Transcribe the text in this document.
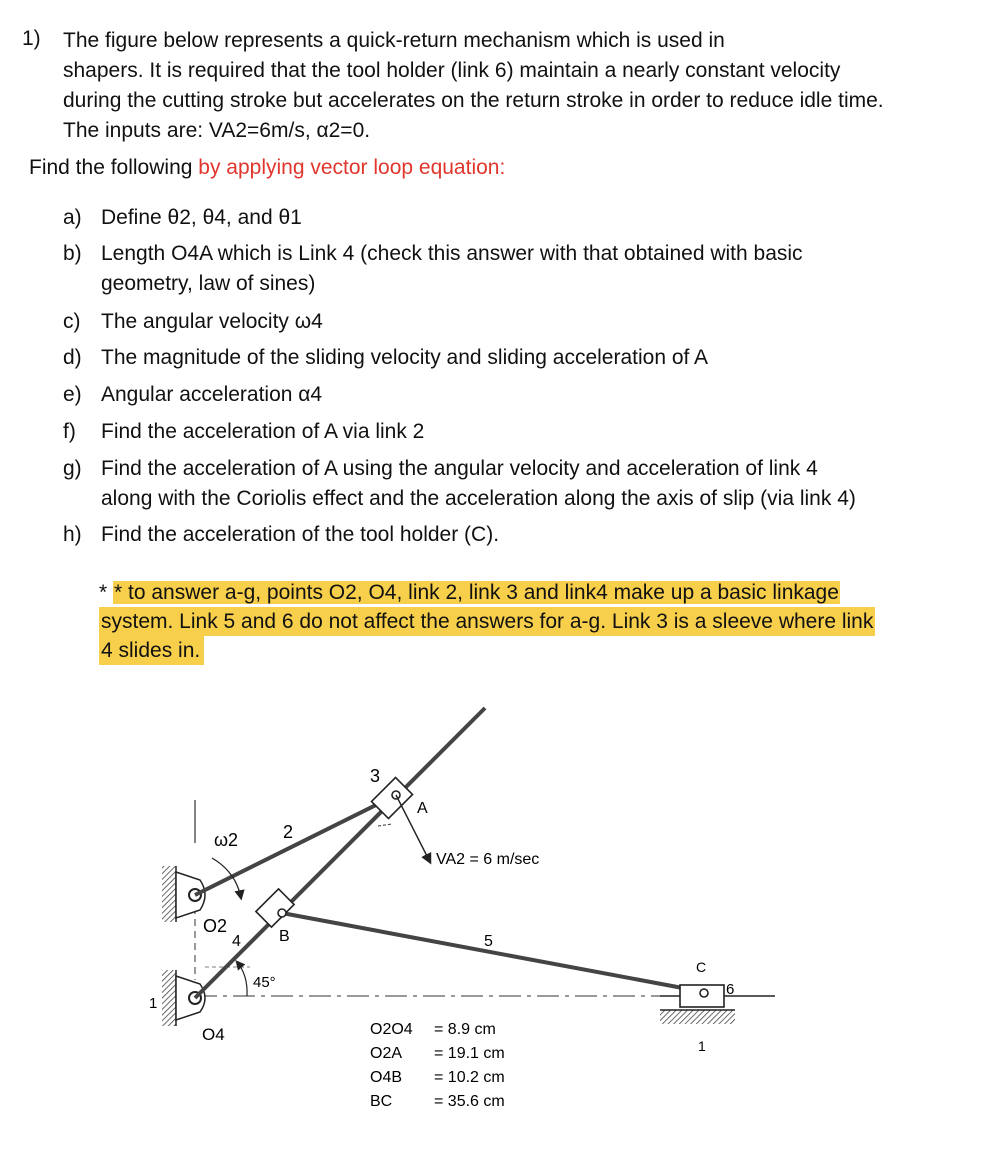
1) The figure below represents a quick-return mechanism which is used in
shapers. It is required that the tool holder (link 6) maintain a nearly constant velocity
during the cutting stroke but accelerates on the return stroke in order to reduce idle time.
The inputs are: VA2=6m/s, α2=0.
Find the following by applying vector loop equation:
a) Define θ2, θ4, and θ1
b) Length O4A which is Link 4 (check this answer with that obtained with basic
geometry, law of sines)
c) The angular velocity ω4
d) The magnitude of the sliding velocity and sliding acceleration of A
e) Angular acceleration α4
f) Find the acceleration of A via link 2
g) Find the acceleration of A using the angular velocity and acceleration of link 4
along with the Coriolis effect and the acceleration along the axis of slip (via link 4)
h) Find the acceleration of the tool holder (C).
* * to answer a-g, points O2, O4, link 2, link 3 and link4 make up a basic linkage
system. Link 5 and 6 do not affect the answers for a-g. Link 3 is a sleeve where link
4 slides in.
ω2 2
3
A
VA2 = 6 m/sec
O2
4 B	5
C
6
45°
1
O4
1
O2O4 = 8.9 cm
O2A = 19.1 cm
O4B = 10.2 cm
BC	= 35.6 cm
